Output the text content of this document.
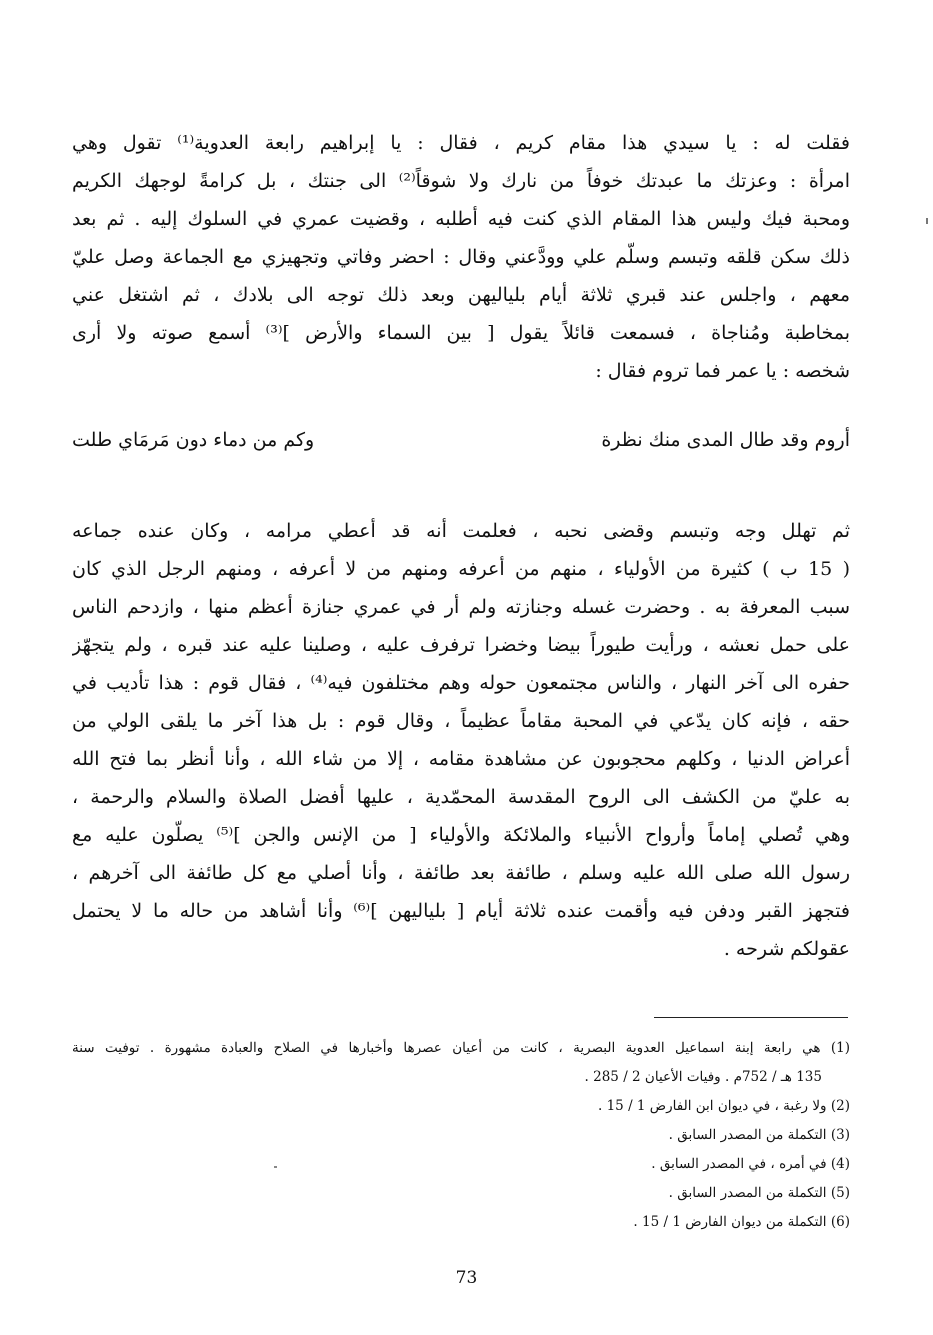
فقلت له : يا سيدي هذا مقام كريم ، فقال : يا إبراهيم رابعة العدوية⁽¹⁾ تقول وهي
امرأة : وعزتك ما عبدتك خوفاً من نارك ولا شوقاً⁽²⁾ الى جنتك ، بل كرامةً لوجهك الكريم
ومحبة فيك وليس هذا المقام الذي كنت فيه أطلبه ، وقضيت عمري في السلوك إليه . ثم بعد
ذلك سكن قلقه وتبسم وسلّم علي وودَّعني وقال : احضر وفاتي وتجهيزي مع الجماعة وصل عليّ
معهم ، واجلس عند قبري ثلاثة أيام بلياليهن وبعد ذلك توجه الى بلادك ، ثم اشتغل عني
بمخاطبة ومُناجاة ، فسمعت قائلاً يقول [ بين السماء والأرض ]⁽³⁾ أسمع صوته ولا أرى
شخصه : يا عمر فما تروم فقال :
أروم وقد طال المدى منك نظرة
وكم من دماء دون مَرمَاي طلت
ثم تهلل وجه وتبسم وقضى نحبه ، فعلمت أنه قد أعطي مرامه ، وكان عنده جماعه
( 15 ب ) كثيرة من الأولياء ، منهم من أعرفه ومنهم من لا أعرفه ، ومنهم الرجل الذي كان
سبب المعرفة به . وحضرت غسله وجنازته ولم أر في عمري جنازة أعظم منها ، وازدحم الناس
على حمل نعشه ، ورأيت طيوراً بيضا وخضرا ترفرف عليه ، وصلينا عليه عند قبره ، ولم يتجهّز
حفره الى آخر النهار ، والناس مجتمعون حوله وهم مختلفون فيه⁽⁴⁾ ، فقال قوم : هذا تأديب في
حقه ، فإنه كان يدّعي في المحبة مقاماً عظيماً ، وقال قوم : بل هذا آخر ما يلقى الولي من
أعراض الدنيا ، وكلهم محجوبون عن مشاهدة مقامه ، إلا من شاء الله ، وأنا أنظر بما فتح الله
به عليّ من الكشف الى الروح المقدسة المحمّدية ، عليها أفضل الصلاة والسلام والرحمة ،
وهي تُصلي إماماً وأرواح الأنبياء والملائكة والأولياء [ من الإنس والجن ]⁽⁵⁾ يصلّون عليه مع
رسول الله صلى الله عليه وسلم ، طائفة بعد طائفة ، وأنا أصلي مع كل طائفة الى آخرهم ،
فتجهز القبر ودفن فيه وأقمت عنده ثلاثة أيام [ بلياليهن ]⁽⁶⁾ وأنا أشاهد من حاله ما لا يحتمل
عقولكم شرحه .
(1) هي رابعة إبنة اسماعيل العدوية البصرية ، كانت من أعيان عصرها وأخبارها في الصلاح والعبادة مشهورة . توفيت سنة
135 هـ / 752م . وفيات الأعيان 2 / 285 .
(2) ولا رغبة ، في ديوان ابن الفارض 1 / 15 .
(3) التكملة من المصدر السابق .
(4) في أمره ، في المصدر السابق .
(5) التكملة من المصدر السابق .
(6) التكملة من ديوان الفارض 1 / 15 .
73
